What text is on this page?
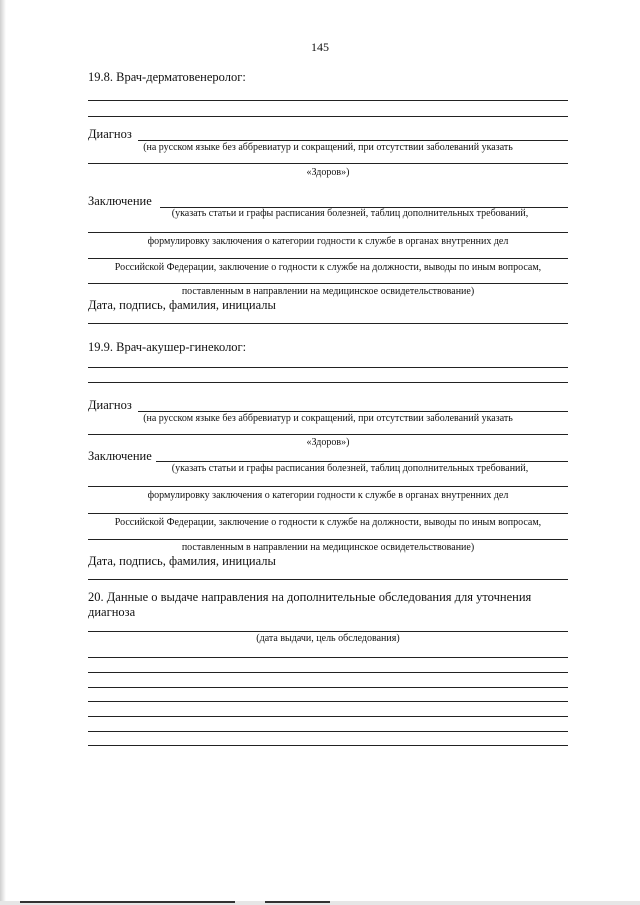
145
19.8. Врач-дерматовенеролог:
Диагноз
(на русском языке без аббревиатур и сокращений, при отсутствии заболеваний указать
«Здоров»)
Заключение
(указать статьи и графы расписания болезней, таблиц дополнительных требований,
формулировку заключения о категории годности к службе в органах внутренних дел
Российской Федерации, заключение о годности к службе на должности, выводы по иным вопросам,
поставленным в направлении на медицинское освидетельствование)
Дата, подпись, фамилия, инициалы
19.9. Врач-акушер-гинеколог:
Диагноз
(на русском языке без аббревиатур и сокращений, при отсутствии заболеваний указать
«Здоров»)
Заключение
(указать статьи и графы расписания болезней, таблиц дополнительных требований,
формулировку заключения о категории годности к службе в органах внутренних дел
Российской Федерации, заключение о годности к службе на должности, выводы по иным вопросам,
поставленным в направлении на медицинское освидетельствование)
Дата, подпись, фамилия, инициалы
20. Данные о выдаче направления на дополнительные обследования для уточнения
диагноза
(дата выдачи, цель обследования)
